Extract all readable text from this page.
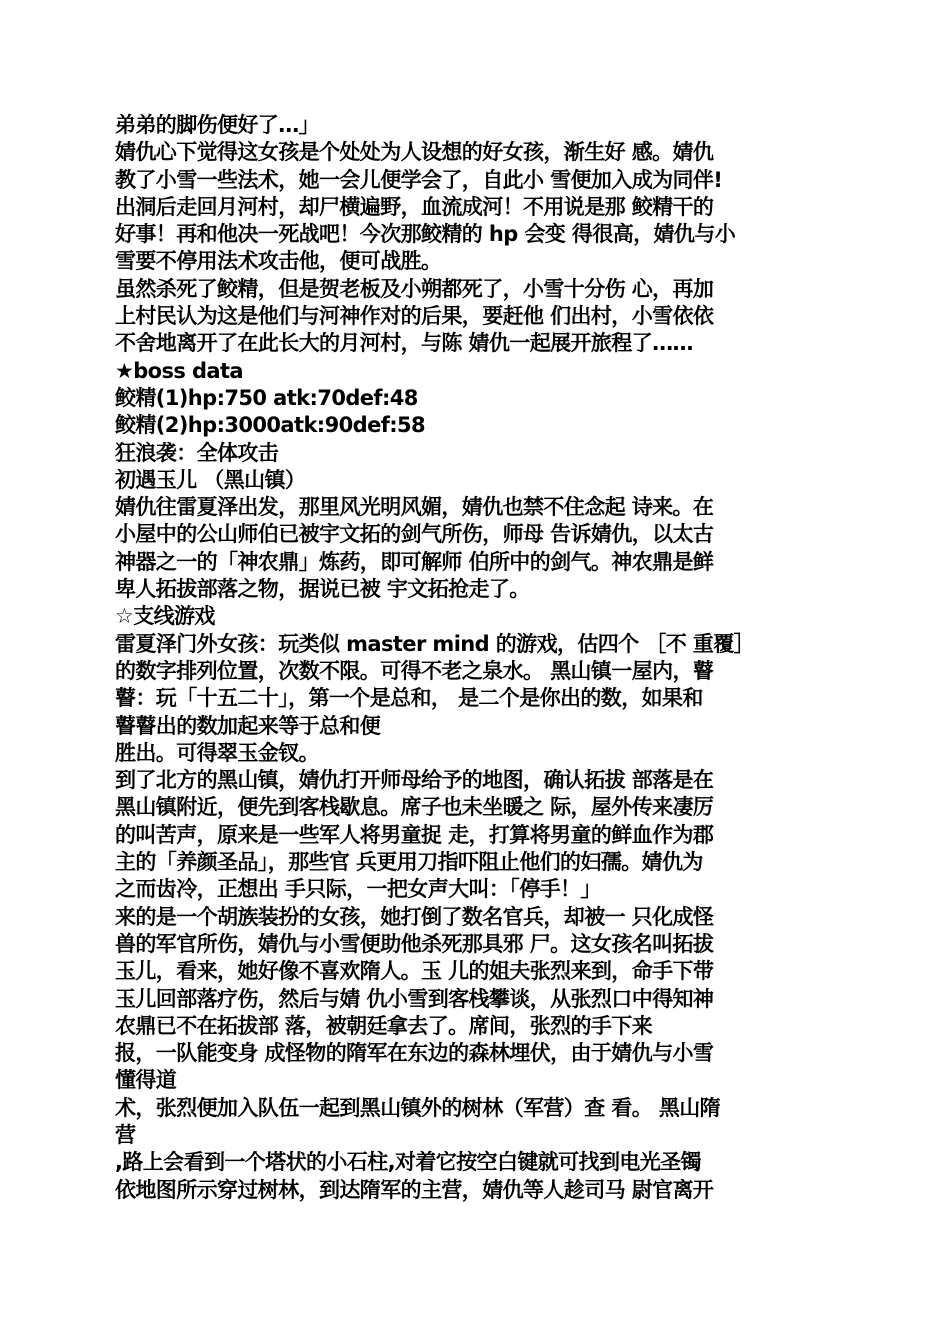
弟弟的脚伤便好了…」
婧仇心下觉得这女孩是个处处为人设想的好女孩，渐生好 感。婧仇
教了小雪一些法术，她一会儿便学会了，自此小 雪便加入成为同伴!
出洞后走回月河村，却尸横遍野，血流成河！不用说是那 鲛精干的
好事！再和他决一死战吧！今次那鲛精的 hp 会变 得很高，婧仇与小
雪要不停用法术攻击他，便可战胜。
虽然杀死了鲛精，但是贺老板及小朔都死了，小雪十分伤 心，再加
上村民认为这是他们与河神作对的后果，要赶他 们出村，小雪依依
不舍地离开了在此长大的月河村，与陈 婧仇一起展开旅程了……
★boss data
鲛精(1)hp:750 atk:70def:48
鲛精(2)hp:3000atk:90def:58
狂浪袭：全体攻击
初遇玉儿 （黑山镇）
婧仇往雷夏泽出发，那里风光明风媚，婧仇也禁不住念起 诗来。在
小屋中的公山师伯已被宇文拓的剑气所伤，师母 告诉婧仇，以太古
神器之一的「神农鼎」炼药，即可解师 伯所中的剑气。神农鼎是鲜
卑人拓拔部落之物，据说已被 宇文拓抢走了。
☆支线游戏
雷夏泽门外女孩：玩类似 master mind 的游戏，估四个 ［不 重覆］
的数字排列位置，次数不限。可得不老之泉水。 黑山镇一屋内，瞽
瞽：玩「十五二十」，第一个是总和， 是二个是你出的数，如果和
瞽瞽出的数加起来等于总和便
胜出。可得翠玉金钗。
到了北方的黑山镇，婧仇打开师母给予的地图，确认拓拔 部落是在
黑山镇附近，便先到客栈歇息。席子也未坐暖之 际，屋外传来凄厉
的叫苦声，原来是一些军人将男童捉 走，打算将男童的鲜血作为郡
主的「养颜圣品」，那些官 兵更用刀指吓阻止他们的妇孺。婧仇为
之而齿冷，正想出 手只际，一把女声大叫：「停手！」
来的是一个胡族装扮的女孩，她打倒了数名官兵，却被一 只化成怪
兽的军官所伤，婧仇与小雪便助他杀死那具邪 尸。这女孩名叫拓拔
玉儿，看来，她好像不喜欢隋人。玉 儿的姐夫张烈来到，命手下带
玉儿回部落疗伤，然后与婧 仇小雪到客栈攀谈，从张烈口中得知神
农鼎已不在拓拔部 落，被朝廷拿去了。席间，张烈的手下来
报，一队能变身 成怪物的隋军在东边的森林埋伏，由于婧仇与小雪
懂得道
术，张烈便加入队伍一起到黑山镇外的树林（军营）查 看。 黑山隋
营
,路上会看到一个塔状的小石柱,对着它按空白键就可找到电光圣镯
依地图所示穿过树林，到达隋军的主营，婧仇等人趁司马 尉官离开
